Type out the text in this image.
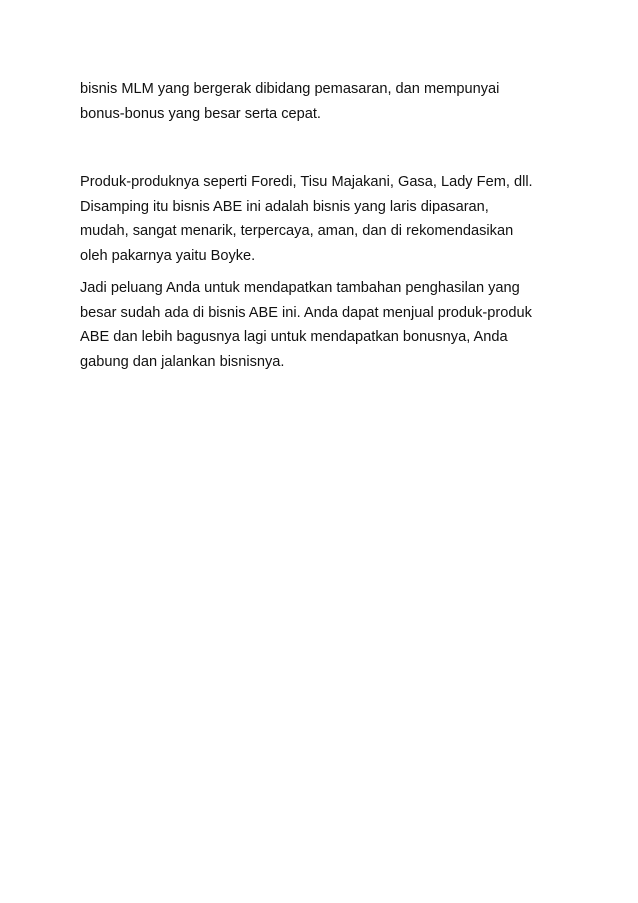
bisnis MLM yang bergerak dibidang pemasaran, dan mempunyai
bonus-bonus yang besar serta cepat.

Produk-produknya seperti Foredi, Tisu Majakani, Gasa, Lady Fem, dll.
Disamping itu bisnis ABE ini adalah bisnis yang laris dipasaran,
mudah, sangat menarik, terpercaya, aman, dan di rekomendasikan
oleh pakarnya yaitu Boyke.

Jadi peluang Anda untuk mendapatkan tambahan penghasilan yang
besar sudah ada di bisnis ABE ini. Anda dapat menjual produk-produk
ABE dan lebih bagusnya lagi untuk mendapatkan bonusnya, Anda
gabung dan jalankan bisnisnya.
